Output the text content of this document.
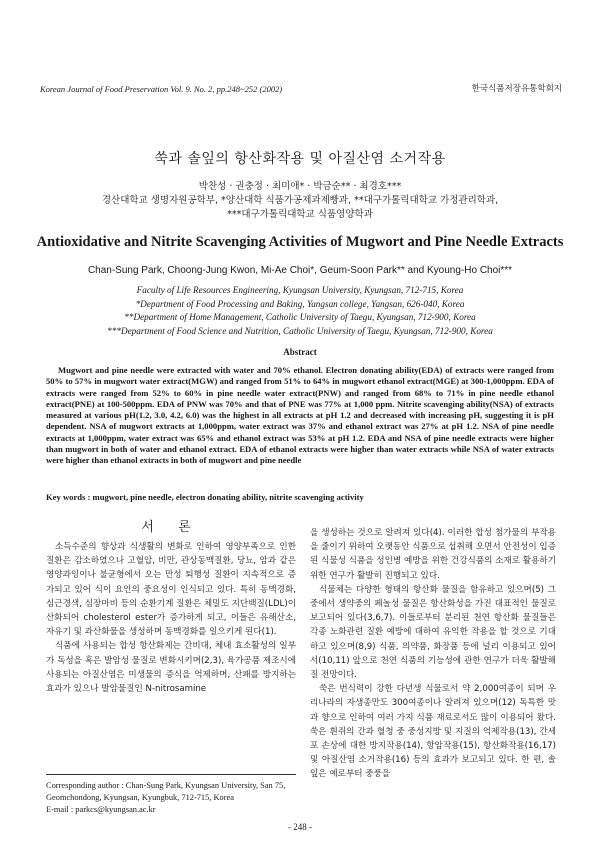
Korean Journal of Food Preservation Vol. 9. No. 2, pp.248~252 (2002)	한국식품저장유통학회지
쑥과 솔잎의 항산화작용 및 아질산염 소거작용
박찬성 · 권충정 · 최미애* · 박금순** · 최경호***
경산대학교 생명자원공학부, *양산대학 식품가공제과제빵과, **대구가톨릭대학교 가정관리학과,
***대구가톨릭대학교 식품영양학과
Antioxidative and Nitrite Scavenging Activities of Mugwort and Pine Needle Extracts
Chan-Sung Park, Choong-Jung Kwon, Mi-Ae Choi*, Geum-Soon Park** and Kyoung-Ho Choi***
Faculty of Life Resources Engineering, Kyungsan University, Kyungsan, 712-715, Korea
*Department of Food Processing and Baking, Yangsan college, Yangsan, 626-040, Korea
**Department of Home Management, Catholic University of Taegu, Kyungsan, 712-900, Korea
***Department of Food Science and Nutrition, Catholic University of Taegu, Kyungsan, 712-900, Korea
Abstract
Mugwort and pine needle were extracted with water and 70% ethanol. Electron donating ability(EDA) of extracts were ranged from 50% to 57% in mugwort water extract(MGW) and ranged from 51% to 64% in mugwort ethanol extract(MGE) at 300-1,000ppm. EDA of extracts were ranged from 52% to 60% in pine needle water extract(PNW) and ranged from 68% to 71% in pine needle ethanol extract(PNE) at 100-500ppm. EDA of PNW was 70% and that of PNE was 77% at 1,000 ppm. Nitrite scavenging ability(NSA) of extracts measured at various pH(1.2, 3.0, 4.2, 6.0) was the highest in all extracts at pH 1.2 and decreased with increasing pH, suggesting it is pH dependent. NSA of mugwort extracts at 1,000ppm, water extract was 37% and ethanol extract was 27% at pH 1.2. NSA of pine needle extracts at 1,000ppm, water extract was 65% and ethanol extract was 53% at pH 1.2. EDA and NSA of pine needle extracts were higher than mugwort in both of water and ethanol extract. EDA of ethanol extracts were higher than water extracts while NSA of water extracts were higher than ethanol extracts in both of mugwort and pine needle
Key words : mugwort, pine needle, electron donating ability, nitrite scavenging activity
서 론

소득수준의 향상과 식생활의 변화로 인하여 영양부족으로 인한 질환은 감소하였으나 고혈압, 비만, 관상동맥질환, 당뇨, 암과 같은 영양과잉이나 불균형에서 오는 만성 퇴행성 질환이 지속적으로 증가되고 있어 식이 요인의 중요성이 인식되고 있다. 특히 동맥경화, 심근경색, 심장마비 등의 순환기계 질환은 체밀도 지단백질(LDL)이 산화되어 cholesterol ester가 증가하게 되고, 이들은 유해산소, 자유기 및 과산화물을 생성하며 동맥경화를 일으키게 된다(1).

식품에 사용되는 합성 항산화제는 간비대, 체내 효소활성의 일부가 독성을 혹은 발암성 물질로 변화시키며(2,3), 육가공품 제조시에 사용되는 아질산염은 미생물의 증식을 억제하며, 산패를 방지하는 효과가 있으나 발암물질인 N-nitrosamine

을 생성하는 것으로 알려져 있다(4). 이러한 합성 첨가물의 부작용을 줄이기 위하여 오랫동안 식품으로 섭취해 오면서 안전성이 입증된 식물성 식품을 성인병 예방을 위한 건강식품의 소재로 활용하기 위한 연구가 활발히 진행되고 있다.

식물체는 다양한 형태의 항산화 물질을 함유하고 있으며(5) 그 중에서 생약중의 페놀성 물질은 항산화성을 가진 대표적인 물질로 보고되어 있다(3,6,7). 이들로부터 분리된 천연 항산화 물질들은 각종 노화관련 질환 예방에 대하여 유익한 작용을 할 것으로 기대하고 있으며(8,9) 식품, 의약품, 화장품 등에 널리 이용되고 있어서(10,11) 앞으로 천연 식품의 기능성에 관한 연구가 더욱 활발해질 전망이다.

쑥은 번식력이 강한 다년생 식물로서 약 2,000여종이 되며 우리나라의 자생종만도 300여종이나 알려져 있으며(12) 독특한 맛과 향으로 인하여 여러 가지 식품 재료로서도 많이 이용되어 왔다. 쑥은 흰쥐의 간과 혈청 중 중성지방 및 지질의 억제작용(13), 간세포 손상에 대한 방지작용(14), 항암작용(15), 항산화작용(16,17) 및 아질산염 소거작용(16) 등의 효과가 보고되고 있다. 한 편, 솔잎은 예로부터 중풍을

Corresponding author : Chan-Sung Park, Kyungsan University, San 75, Geomchondong, Kyungsan, Kyungbuk, 712-715, Korea
E-mail : parkcs@kyungsan.ac.kr
- 248 -
